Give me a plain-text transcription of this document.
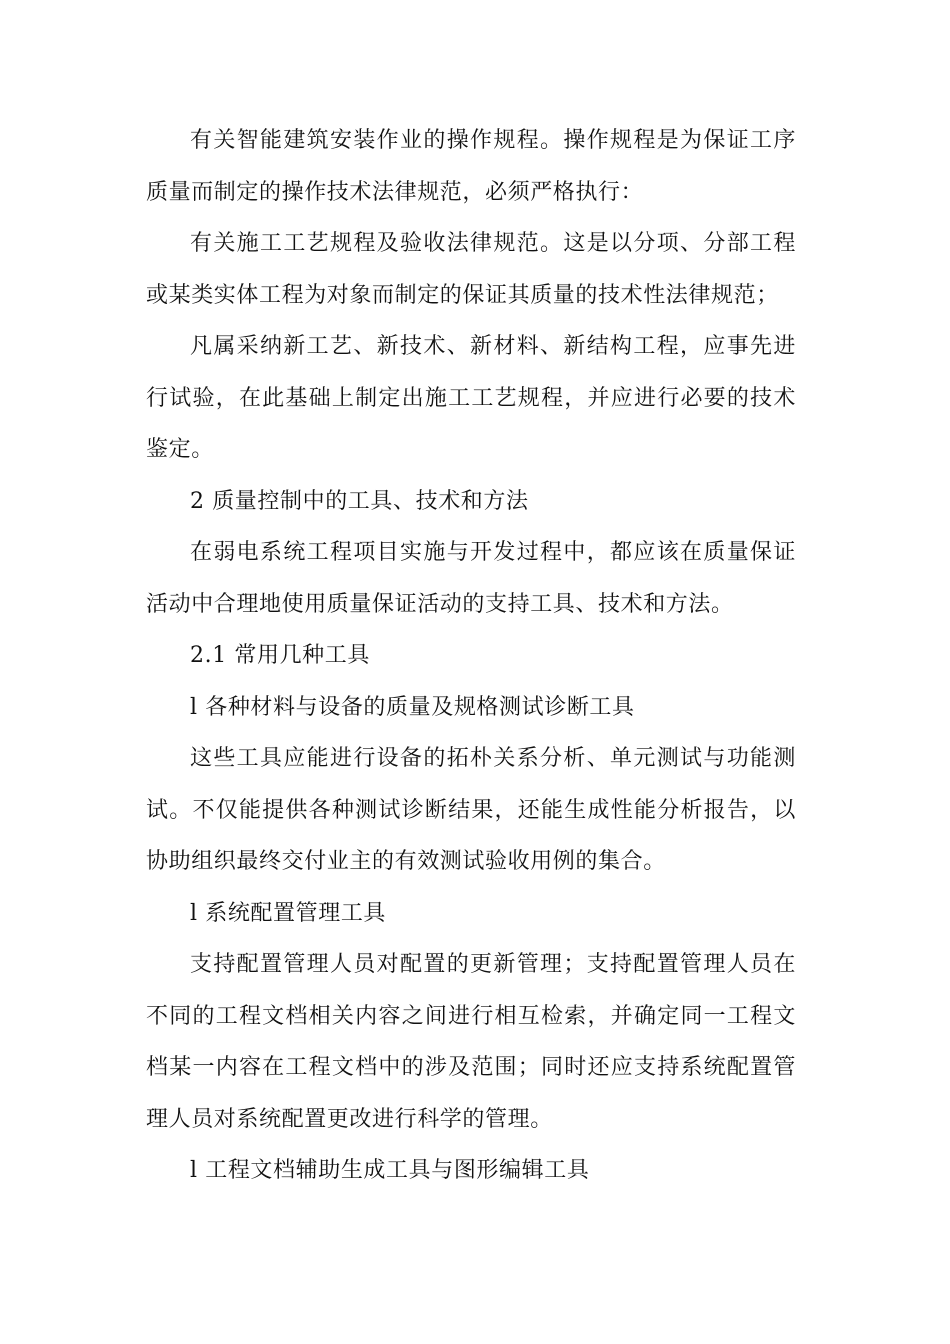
有关智能建筑安装作业的操作规程。操作规程是为保证工序质量而制定的操作技术法律规范，必须严格执行：

有关施工工艺规程及验收法律规范。这是以分项、分部工程或某类实体工程为对象而制定的保证其质量的技术性法律规范；

凡属采纳新工艺、新技术、新材料、新结构工程，应事先进行试验，在此基础上制定出施工工艺规程，并应进行必要的技术鉴定。

2 质量控制中的工具、技术和方法

在弱电系统工程项目实施与开发过程中，都应该在质量保证活动中合理地使用质量保证活动的支持工具、技术和方法。

2.1 常用几种工具

l 各种材料与设备的质量及规格测试诊断工具

这些工具应能进行设备的拓朴关系分析、单元测试与功能测试。不仅能提供各种测试诊断结果，还能生成性能分析报告，以协助组织最终交付业主的有效测试验收用例的集合。

l 系统配置管理工具

支持配置管理人员对配置的更新管理；支持配置管理人员在不同的工程文档相关内容之间进行相互检索，并确定同一工程文档某一内容在工程文档中的涉及范围；同时还应支持系统配置管理人员对系统配置更改进行科学的管理。

l 工程文档辅助生成工具与图形编辑工具
